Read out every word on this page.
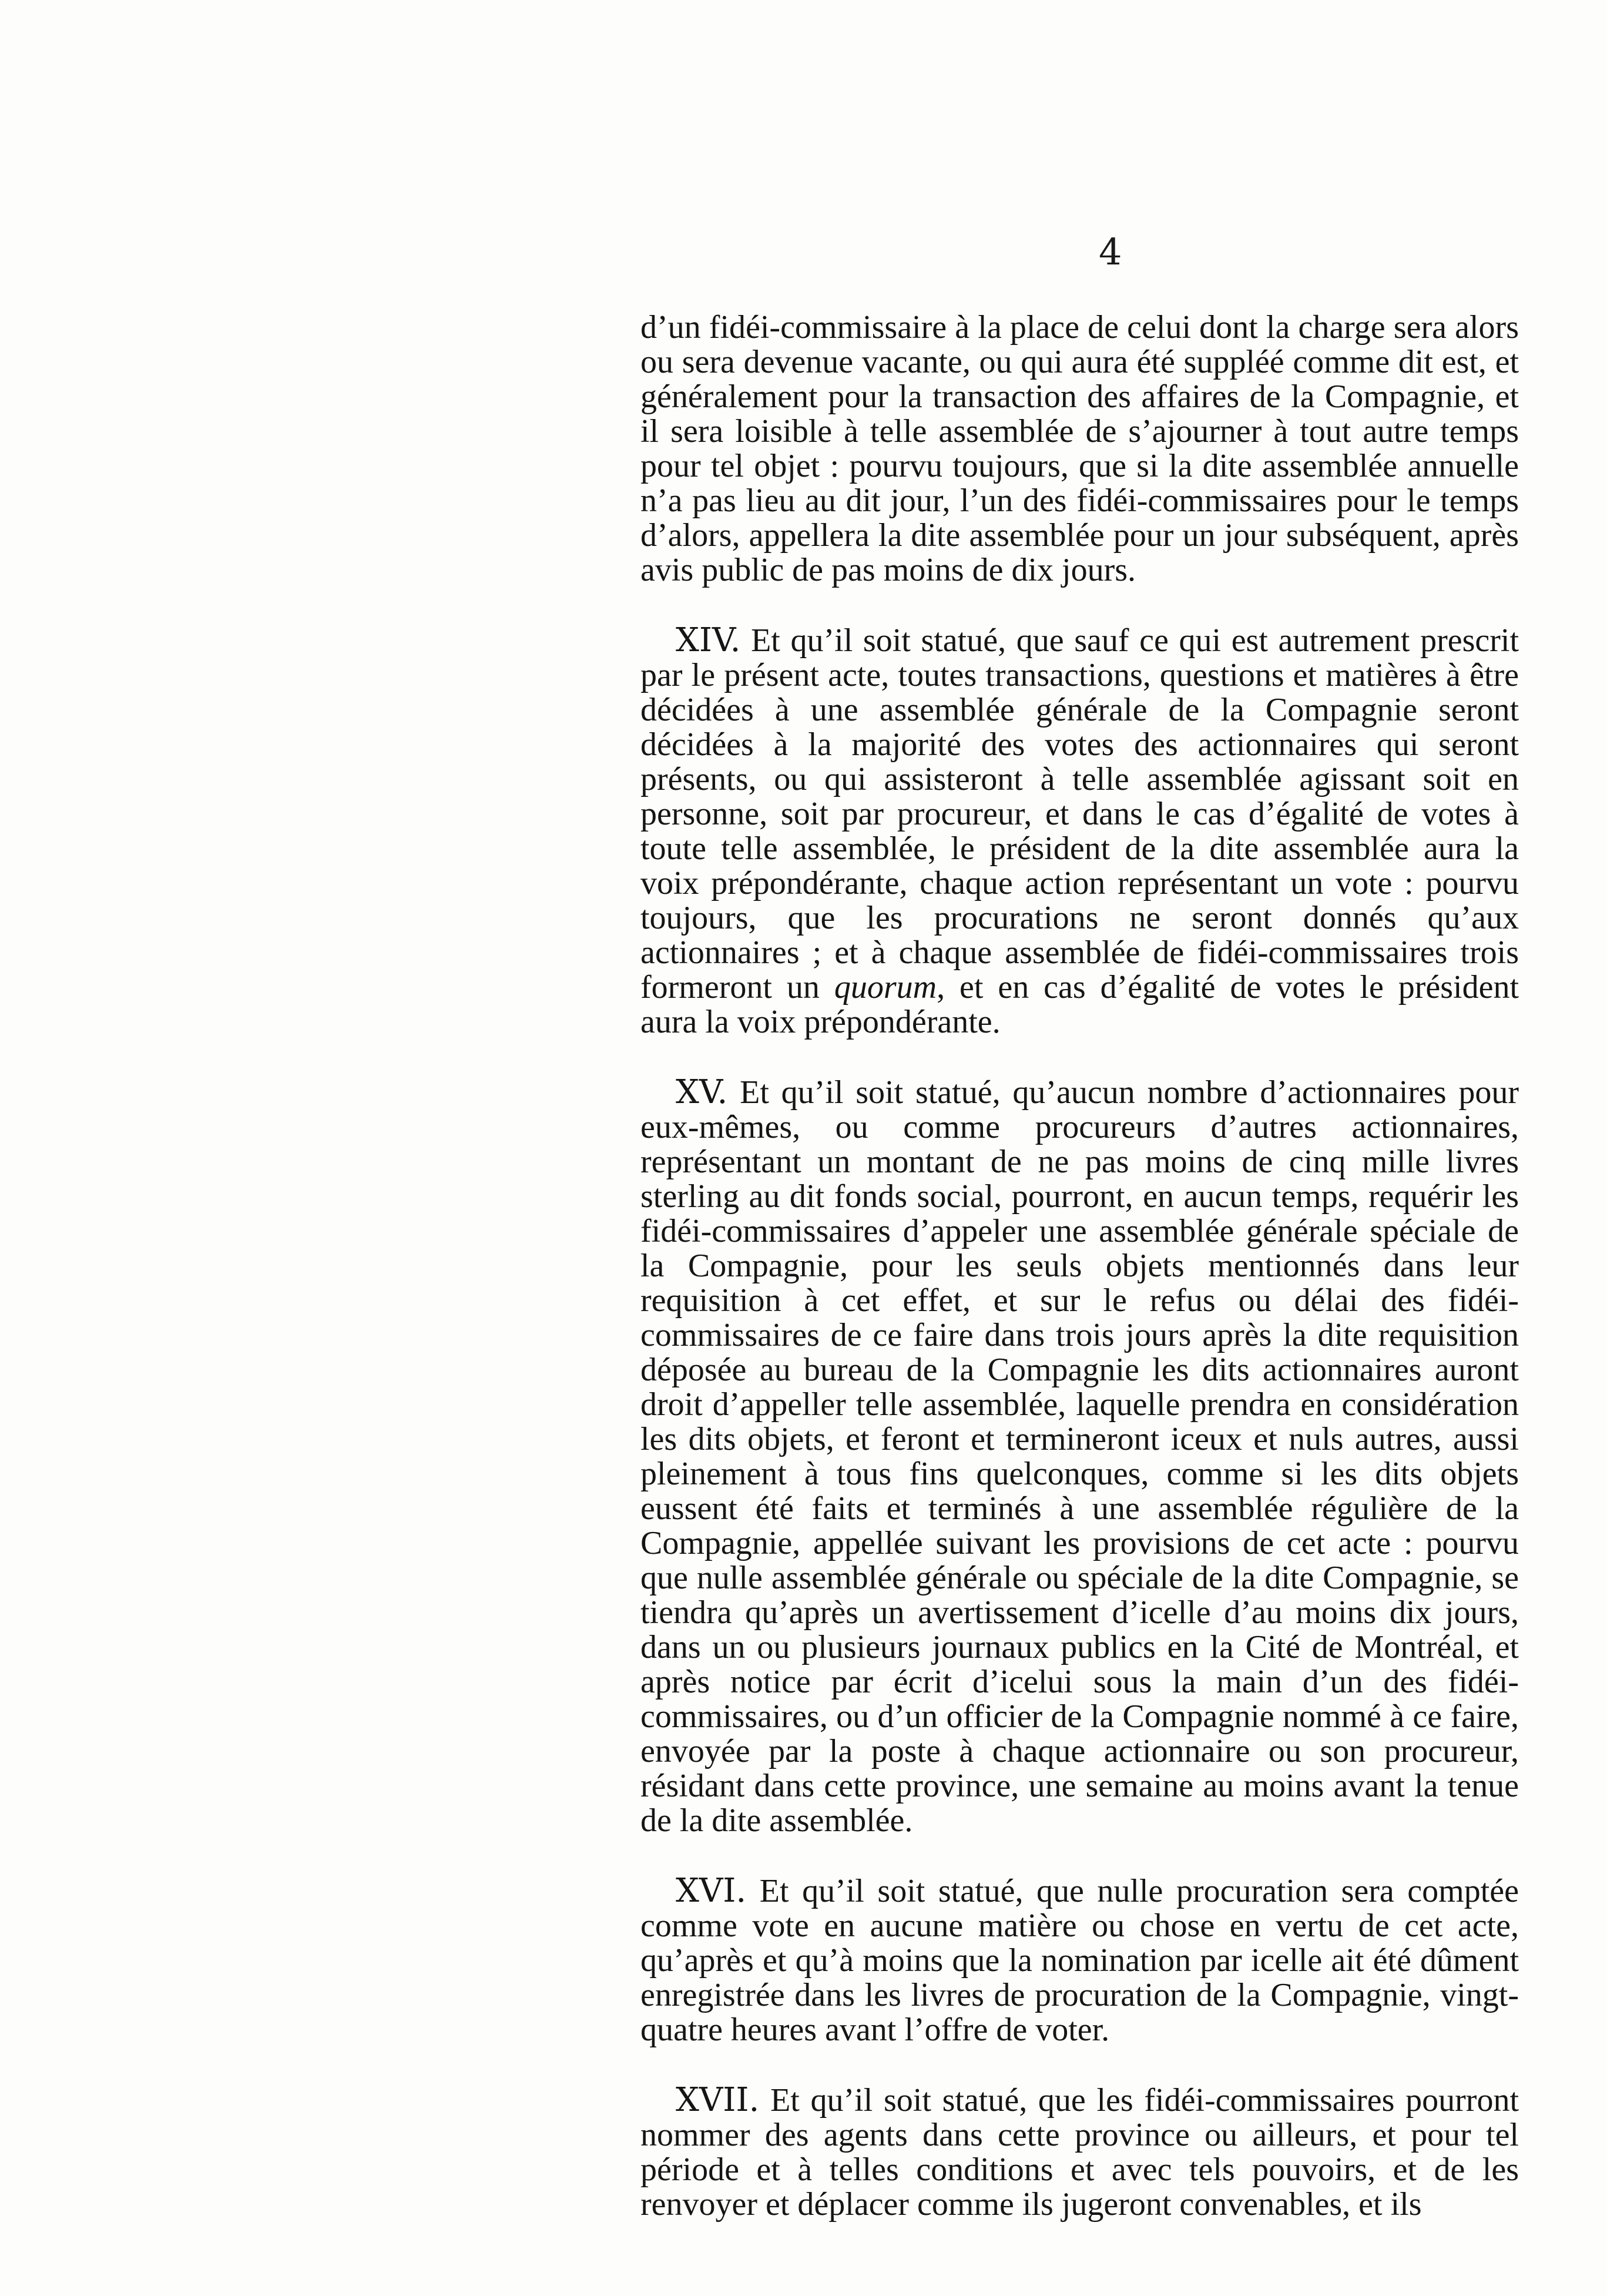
4

d’un fidéi-commissaire à la place de celui dont la charge sera alors ou sera devenue vacante, ou qui aura été suppléé comme dit est, et généralement pour la transaction des affaires de la Compagnie, et il sera loisible à telle assemblée de s’ajourner à tout autre temps pour tel objet : pourvu toujours, que si la dite assemblée annuelle n’a pas lieu au dit jour, l’un des fidéi-commissaires pour le temps d’alors, appellera la dite assemblée pour un jour subséquent, après avis public de pas moins de dix jours.

XIV. Et qu’il soit statué, que sauf ce qui est autrement prescrit par le présent acte, toutes transactions, questions et matières à être décidées à une assemblée générale de la Compagnie seront décidées à la majorité des votes des actionnaires qui seront présents, ou qui assisteront à telle assemblée agissant soit en personne, soit par procureur, et dans le cas d’égalité de votes à toute telle assemblée, le président de la dite assemblée aura la voix prépondérante, chaque action représentant un vote : pourvu toujours, que les procurations ne seront donnés qu’aux actionnaires ; et à chaque assemblée de fidéi-commissaires trois formeront un quorum, et en cas d’égalité de votes le président aura la voix prépondérante.

XV. Et qu’il soit statué, qu’aucun nombre d’actionnaires pour eux-mêmes, ou comme procureurs d’autres actionnaires, représentant un montant de ne pas moins de cinq mille livres sterling au dit fonds social, pourront, en aucun temps, requérir les fidéi-commissaires d’appeler une assemblée générale spéciale de la Compagnie, pour les seuls objets mentionnés dans leur requisition à cet effet, et sur le refus ou délai des fidéi-commissaires de ce faire dans trois jours après la dite requisition déposée au bureau de la Compagnie les dits actionnaires auront droit d’appeller telle assemblée, laquelle prendra en considération les dits objets, et feront et termineront iceux et nuls autres, aussi pleinement à tous fins quelconques, comme si les dits objets eussent été faits et terminés à une assemblée régulière de la Compagnie, appellée suivant les provisions de cet acte : pourvu que nulle assemblée générale ou spéciale de la dite Compagnie, se tiendra qu’après un avertissement d’icelle d’au moins dix jours, dans un ou plusieurs journaux publics en la Cité de Montréal, et après notice par écrit d’icelui sous la main d’un des fidéi-commissaires, ou d’un officier de la Compagnie nommé à ce faire, envoyée par la poste à chaque actionnaire ou son procureur, résidant dans cette province, une semaine au moins avant la tenue de la dite assemblée.

XVI. Et qu’il soit statué, que nulle procuration sera comptée comme vote en aucune matière ou chose en vertu de cet acte, qu’après et qu’à moins que la nomination par icelle ait été dûment enregistrée dans les livres de procuration de la Compagnie, vingt-quatre heures avant l’offre de voter.

XVII. Et qu’il soit statué, que les fidéi-commissaires pourront nommer des agents dans cette province ou ailleurs, et pour tel période et à telles conditions et avec tels pouvoirs, et de les renvoyer et déplacer comme ils jugeront convenables, et ils
